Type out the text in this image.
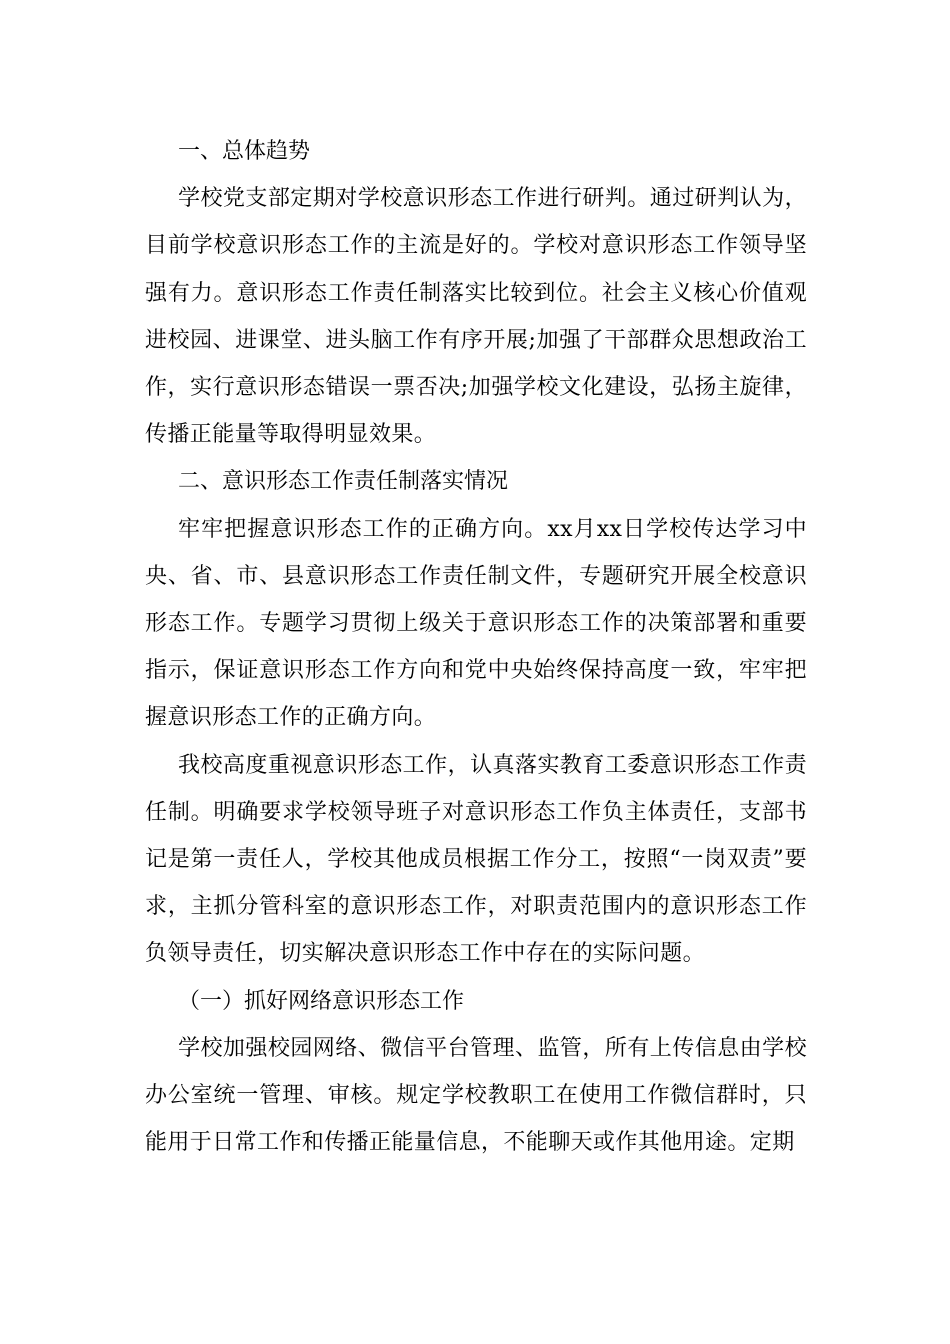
一、总体趋势

学校党支部定期对学校意识形态工作进行研判。通过研判认为，目前学校意识形态工作的主流是好的。学校对意识形态工作领导坚强有力。意识形态工作责任制落实比较到位。社会主义核心价值观进校园、进课堂、进头脑工作有序开展;加强了干部群众思想政治工作，实行意识形态错误一票否决;加强学校文化建设，弘扬主旋律，传播正能量等取得明显效果。

二、意识形态工作责任制落实情况

牢牢把握意识形态工作的正确方向。xx月xx日学校传达学习中央、省、市、县意识形态工作责任制文件，专题研究开展全校意识形态工作。专题学习贯彻上级关于意识形态工作的决策部署和重要指示，保证意识形态工作方向和党中央始终保持高度一致，牢牢把握意识形态工作的正确方向。

我校高度重视意识形态工作，认真落实教育工委意识形态工作责任制。明确要求学校领导班子对意识形态工作负主体责任，支部书记是第一责任人，学校其他成员根据工作分工，按照“一岗双责”要求，主抓分管科室的意识形态工作，对职责范围内的意识形态工作负领导责任，切实解决意识形态工作中存在的实际问题。

（一）抓好网络意识形态工作

学校加强校园网络、微信平台管理、监管，所有上传信息由学校办公室统一管理、审核。规定学校教职工在使用工作微信群时，只能用于日常工作和传播正能量信息，不能聊天或作其他用途。定期
